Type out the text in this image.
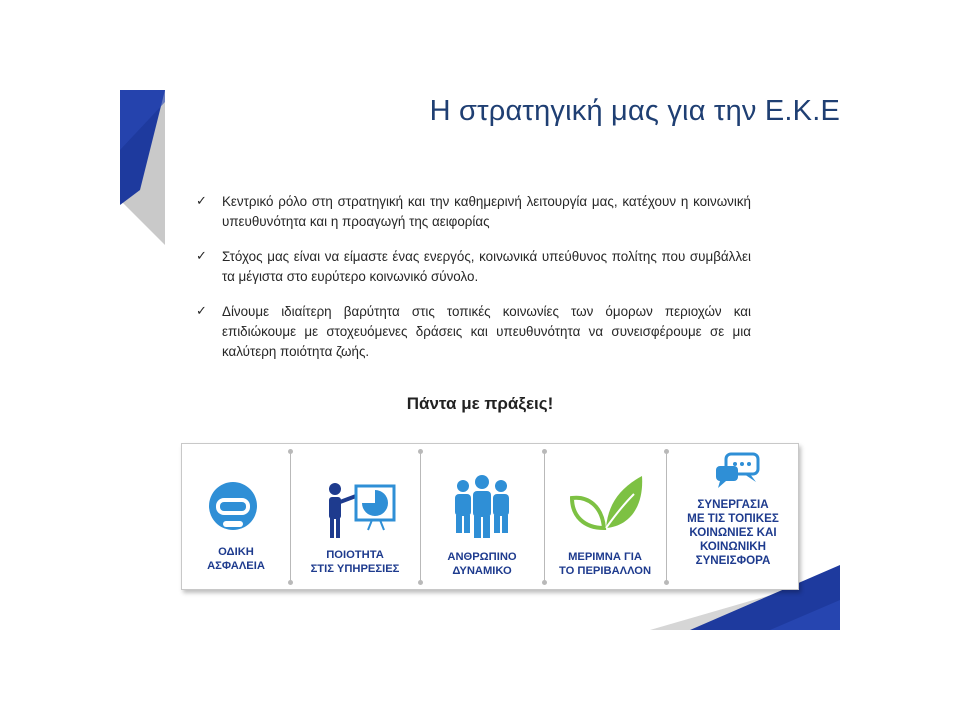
Η στρατηγική μας για την Ε.Κ.Ε
✓ Κεντρικό ρόλο στη στρατηγική και την καθημερινή λειτουργία μας, κατέχουν η κοινωνική υπευθυνότητα και η προαγωγή της αειφορίας
✓ Στόχος μας είναι να είμαστε ένας ενεργός, κοινωνικά υπεύθυνος πολίτης που συμβάλλει τα μέγιστα στο ευρύτερο κοινωνικό σύνολο.
✓ Δίνουμε ιδιαίτερη βαρύτητα στις τοπικές κοινωνίες των όμορων περιοχών και επιδιώκουμε με στοχευόμενες δράσεις και υπευθυνότητα να συνεισφέρουμε σε μια καλύτερη ποιότητα ζωής.
Πάντα με πράξεις!
ΟΔΙΚΗ
ΑΣΦΑΛΕΙΑ
ΠΟΙΟΤΗΤΑ
ΣΤΙΣ ΥΠΗΡΕΣΙΕΣ
ΑΝΘΡΩΠΙΝΟ
ΔΥΝΑΜΙΚΟ
ΜΕΡΙΜΝΑ ΓΙΑ
ΤΟ ΠΕΡΙΒΑΛΛΟΝ
ΣΥΝΕΡΓΑΣΙΑ
ΜΕ ΤΙΣ ΤΟΠΙΚΕΣ
ΚΟΙΝΩΝΙΕΣ ΚΑΙ
ΚΟΙΝΩΝΙΚΗ
ΣΥΝΕΙΣΦΟΡΑ
